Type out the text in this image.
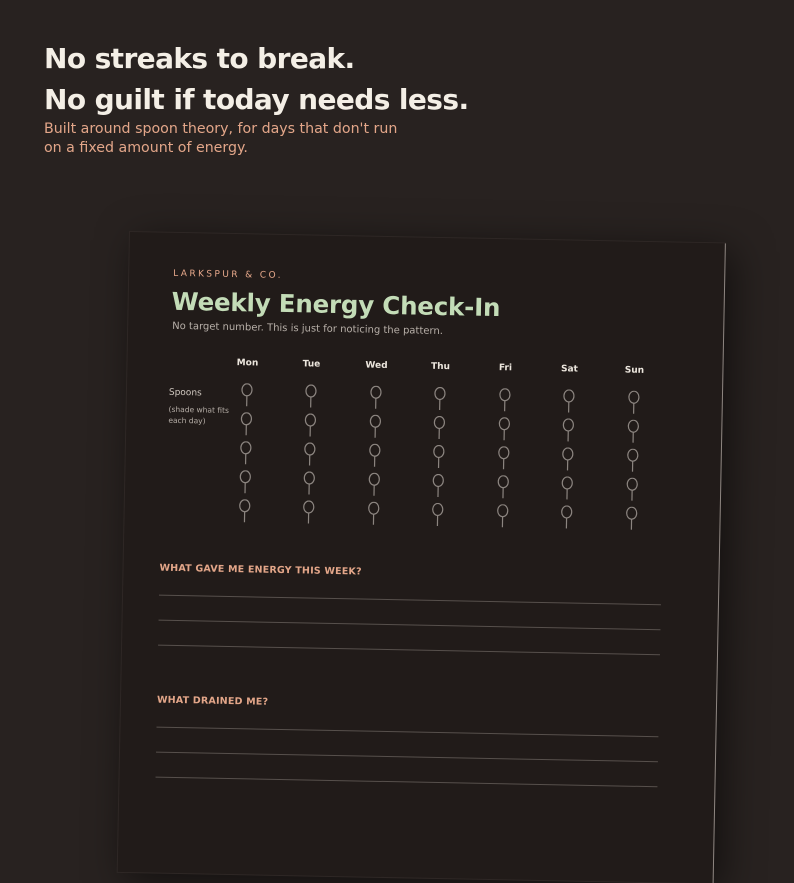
No streaks to break.
No guilt if today needs less.

Built around spoon theory, for days that don't run on a fixed amount of energy.

LARKSPUR & CO.

Weekly Energy Check-In

No target number. This is just for noticing the pattern.

Mon	Tue	Wed	Thu	Fri	Sat	Sun

Spoons

(shade what fits each day)

WHAT GAVE ME ENERGY THIS WEEK?

WHAT DRAINED ME?
